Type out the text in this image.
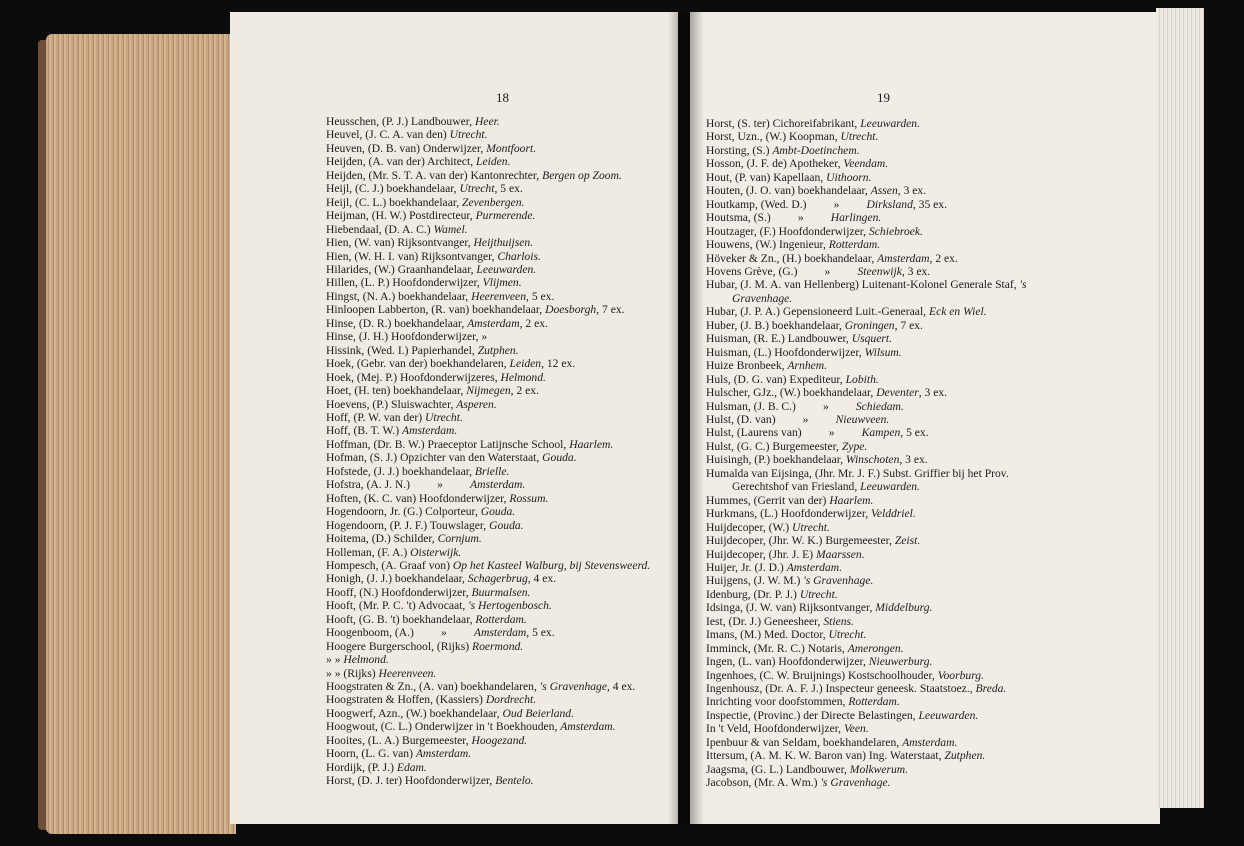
18	19
Heusschen, (P. J.) Landbouwer, Heer.
Heuvel, (J. C. A. van den) Utrecht.
Heuven, (D. B. van) Onderwijzer, Montfoort.
Heijden, (A. van der) Architect, Leiden.
Heijden, (Mr. S. T. A. van der) Kantonrechter, Bergen op Zoom.
Heijl, (C. J.) boekhandelaar, Utrecht, 5 ex.
Heijl, (C. L.) boekhandelaar, Zevenbergen.
Heijman, (H. W.) Postdirecteur, Purmerende.
Hiebendaal, (D. A. C.) Wamel.
Hien, (W. van) Rijksontvanger, Heijthuijsen.
Hien, (W. H. I. van) Rijksontvanger, Charlois.
Hilarides, (W.) Graanhandelaar, Leeuwarden.
Hillen, (L. P.) Hoofdonderwijzer, Vlijmen.
Hingst, (N. A.) boekhandelaar, Heerenveen, 5 ex.
Hinloopen Labberton, (R. van) boekhandelaar, Doesborgh, 7 ex.
Hinse, (D. R.) boekhandelaar, Amsterdam, 2 ex.
Hinse, (J. H.) Hoofdonderwijzer, »
Hissink, (Wed. I.) Papierhandel, Zutphen.
Hoek, (Gebr. van der) boekhandelaren, Leiden, 12 ex.
Hoek, (Mej. P.) Hoofdonderwijzeres, Helmond.
Hoet, (H. ten) boekhandelaar, Nijmegen, 2 ex.
Hoevens, (P.) Sluiswachter, Asperen.
Hoff, (P. W. van der) Utrecht.
Hoff, (B. T. W.) Amsterdam.
Hoffman, (Dr. B. W.) Praeceptor Latijnsche School, Haarlem.
Hofman, (S. J.) Opzichter van den Waterstaat, Gouda.
Hofstede, (J. J.) boekhandelaar, Brielle.
Hofstra, (A. J. N.) » Amsterdam.
Hoften, (K. C. van) Hoofdonderwijzer, Rossum.
Hogendoorn, Jr. (G.) Colporteur, Gouda.
Hogendoorn, (P. J. F.) Touwslager, Gouda.
Hoitema, (D.) Schilder, Cornjum.
Holleman, (F. A.) Oisterwijk.
Hompesch, (A. Graaf von) Op het Kasteel Walburg, bij Stevensweerd.
Honigh, (J. J.) boekhandelaar, Schagerbrug, 4 ex.
Hooff, (N.) Hoofdonderwijzer, Buurmalsen.
Hooft, (Mr. P. C. 't) Advocaat, 's Hertogenbosch.
Hooft, (G. B. 't) boekhandelaar, Rotterdam.
Hoogenboom, (A.) » Amsterdam, 5 ex.
Hoogere Burgerschool, (Rijks) Roermond.
» » Helmond.
» » (Rijks) Heerenveen.
Hoogstraten & Zn., (A. van) boekhandelaren, 's Gravenhage, 4 ex.
Hoogstraten & Hoffen, (Kassiers) Dordrecht.
Hoogwerf, Azn., (W.) boekhandelaar, Oud Beierland.
Hoogwout, (C. L.) Onderwijzer in 't Boekhouden, Amsterdam.
Hooites, (L. A.) Burgemeester, Hoogezand.
Hoorn, (L. G. van) Amsterdam.
Hordijk, (P. J.) Edam.
Horst, (D. J. ter) Hoofdonderwijzer, Bentelo.
Horst, (S. ter) Cichoreifabrikant, Leeuwarden.
Horst, Uzn., (W.) Koopman, Utrecht.
Horsting, (S.) Ambt-Doetinchem.
Hosson, (J. F. de) Apotheker, Veendam.
Hout, (P. van) Kapellaan, Uithoorn.
Houten, (J. O. van) boekhandelaar, Assen, 3 ex.
Houtkamp, (Wed. D.) » Dirksland, 35 ex.
Houtsma, (S.) » Harlingen.
Houtzager, (F.) Hoofdonderwijzer, Schiebroek.
Houwens, (W.) Ingenieur, Rotterdam.
Höveker & Zn., (H.) boekhandelaar, Amsterdam, 2 ex.
Hovens Grève, (G.) » Steenwijk, 3 ex.
Hubar, (J. M. A. van Hellenberg) Luitenant-Kolonel Generale Staf, 's Gravenhage.
Hubar, (J. P. A.) Gepensioneerd Luit.-Generaal, Eck en Wiel.
Huber, (J. B.) boekhandelaar, Groningen, 7 ex.
Huisman, (R. E.) Landbouwer, Usquert.
Huisman, (L.) Hoofdonderwijzer, Wilsum.
Huize Bronbeek, Arnhem.
Huls, (D. G. van) Expediteur, Lobith.
Hulscher, GJz., (W.) boekhandelaar, Deventer, 3 ex.
Hulsman, (J. B. C.) » Schiedam.
Hulst, (D. van) » Nieuwveen.
Hulst, (Laurens van) » Kampen, 5 ex.
Hulst, (G. C.) Burgemeester, Zype.
Huisingh, (P.) boekhandelaar, Winschoten, 3 ex.
Humalda van Eijsinga, (Jhr. Mr. J. F.) Subst. Griffier bij het Prov. Gerechtshof van Friesland, Leeuwarden.
Hummes, (Gerrit van der) Haarlem.
Hurkmans, (L.) Hoofdonderwijzer, Velddriel.
Huijdecoper, (W.) Utrecht.
Huijdecoper, (Jhr. W. K.) Burgemeester, Zeist.
Huijdecoper, (Jhr. J. E) Maarssen.
Huijer, Jr. (J. D.) Amsterdam.
Huijgens, (J. W. M.) 's Gravenhage.
Idenburg, (Dr. P. J.) Utrecht.
Idsinga, (J. W. van) Rijksontvanger, Middelburg.
Iest, (Dr. J.) Geneesheer, Stiens.
Imans, (M.) Med. Doctor, Utrecht.
Imminck, (Mr. R. C.) Notaris, Amerongen.
Ingen, (L. van) Hoofdonderwijzer, Nieuwerburg.
Ingenhoes, (C. W. Bruijnings) Kostschoolhouder, Voorburg.
Ingenhousz, (Dr. A. F. J.) Inspecteur geneesk. Staatstoez., Breda.
Inrichting voor doofstommen, Rotterdam.
Inspectie, (Provinc.) der Directe Belastingen, Leeuwarden.
In 't Veld, Hoofdonderwijzer, Veen.
Ipenbuur & van Seldam, boekhandelaren, Amsterdam.
Ittersum, (A. M. K. W. Baron van) Ing. Waterstaat, Zutphen.
Jaagsma, (G. L.) Landbouwer, Molkwerum.
Jacobson, (Mr. A. Wm.) 's Gravenhage.
